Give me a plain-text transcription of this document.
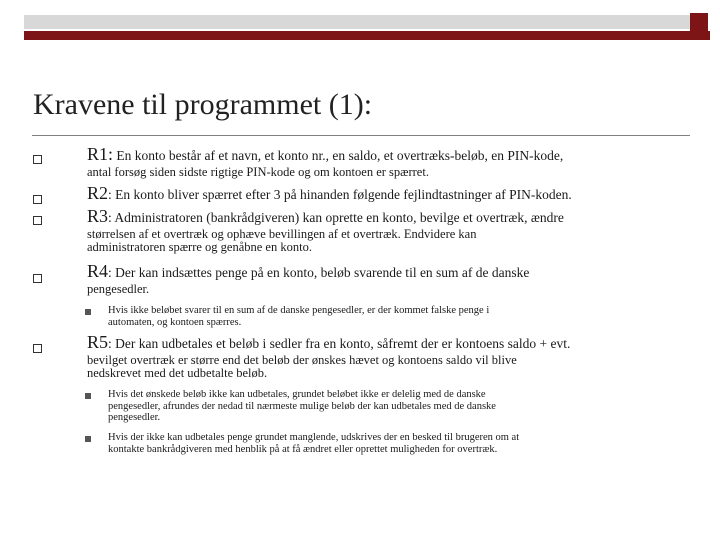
Kravene til programmet (1):
R1: En konto består af et navn, et konto nr., en saldo, et overtræks-beløb, en PIN-kode,
antal forsøg siden sidste rigtige PIN-kode og om kontoen er spærret.
R2: En konto bliver spærret efter 3 på hinanden følgende fejlindtastninger af PIN-koden.
R3: Administratoren (bankrådgiveren) kan oprette en konto, bevilge et overtræk, ændre
størrelsen af et overtræk og ophæve bevillingen af et overtræk. Endvidere kan
administratoren spærre og genåbne en konto.
R4: Der kan indsættes penge på en konto, beløb svarende til en sum af de danske
pengesedler.
Hvis ikke beløbet svarer til en sum af de danske pengesedler, er der kommet falske penge i
automaten, og kontoen spærres.
R5: Der kan udbetales et beløb i sedler fra en konto, såfremt der er kontoens saldo + evt.
bevilget overtræk er større end det beløb der ønskes hævet og kontoens saldo vil blive
nedskrevet med det udbetalte beløb.
Hvis det ønskede beløb ikke kan udbetales, grundet beløbet ikke er delelig med de danske
pengesedler, afrundes der nedad til nærmeste mulige beløb der kan udbetales med de danske
pengesedler.
Hvis der ikke kan udbetales penge grundet manglende, udskrives der en besked til brugeren om at
kontakte bankrådgiveren med henblik på at få ændret eller oprettet muligheden for overtræk.
